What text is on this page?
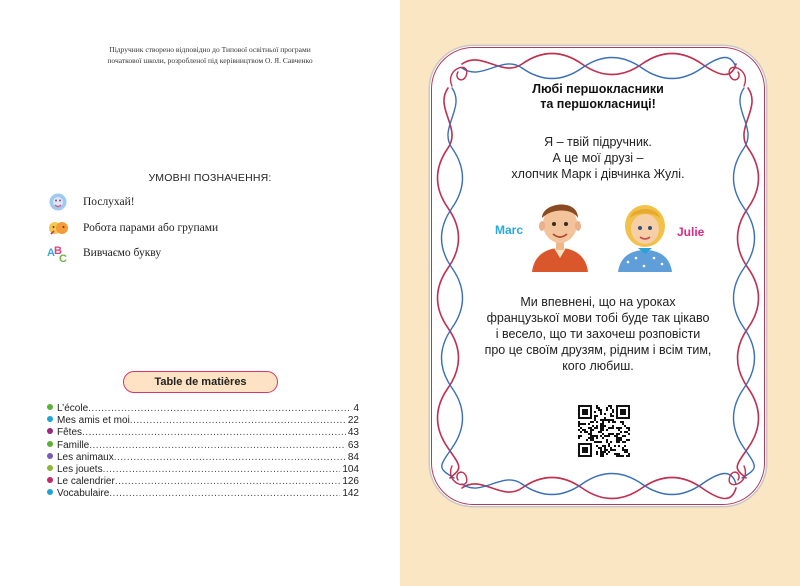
Підручник створено відповідно до Типової освітньої програми
початкової школи, розробленої під керівництвом О. Я. Савченко
УМОВНІ ПОЗНАЧЕННЯ:
Послухай!
Робота парами або групами
A B
C Вивчаємо букву
Table de matières
L’école .....	4
Mes amis et moi .....	22
Fêtes .....	43
Famille .....	63
Les animaux .....	84
Les jouets .....	104
Le calendrier .....	126
Vocabulaire .....	142
Любі першокласники
та першокласниці!
Я – твій підручник.
А це мої друзі –
хлопчик Марк і дівчинка Жулі.
Marc	Julie
Ми впевнені, що на уроках
французької мови тобі буде так цікаво
і весело, що ти захочеш розповісти
про це своїм друзям, рідним і всім тим,
кого любиш.
